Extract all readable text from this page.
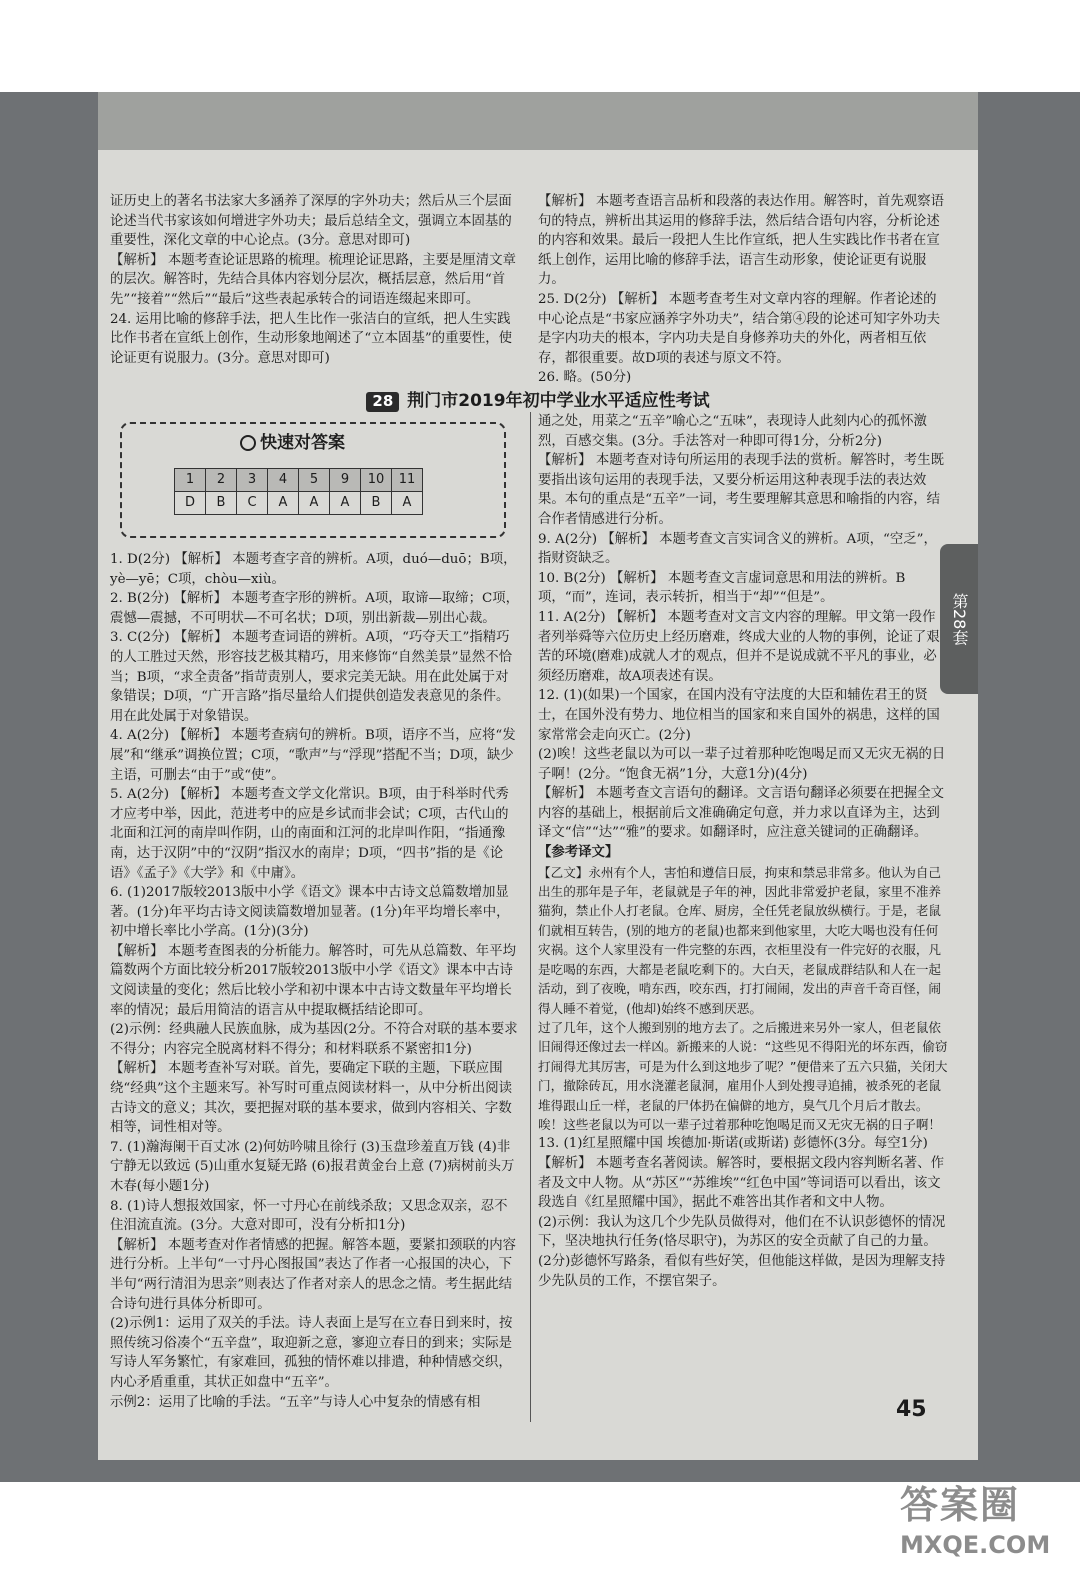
证历史上的著名书法家大多涵养了深厚的字外功夫；然后从三个层面论述当代书家该如何增进字外功夫；最后总结全文，强调立本固基的重要性，深化文章的中心论点。(3分。意思对即可)

【解析】 本题考查论证思路的梳理。梳理论证思路，主要是厘清文章的层次。解答时，先结合具体内容划分层次，概括层意，然后用“首先”“接着”“然后”“最后”这些表起承转合的词语连缀起来即可。

24. 运用比喻的修辞手法，把人生比作一张洁白的宣纸，把人生实践比作书者在宣纸上创作，生动形象地阐述了“立本固基”的重要性，使论证更有说服力。(3分。意思对即可)

【解析】 本题考查语言品析和段落的表达作用。解答时，首先观察语句的特点，辨析出其运用的修辞手法，然后结合语句内容，分析论述的内容和效果。最后一段把人生比作宣纸，把人生实践比作书者在宣纸上创作，运用比喻的修辞手法，语言生动形象，使论证更有说服力。

25. D(2分) 【解析】 本题考查考生对文章内容的理解。作者论述的中心论点是“书家应涵养字外功夫”，结合第④段的论述可知字外功夫是字内功夫的根本，字内功夫是自身修养功夫的外化，两者相互依存，都很重要。故D项的表述与原文不符。

26. 略。(50分)

28 荆门市2019年初中学业水平适应性考试
快速对答案
1	2	3	4	5	9	10	11
D	B	C	A	A	A	B	A

1. D(2分) 【解析】 本题考查字音的辨析。A项，duó—duō；B项，yè—yē；C项，chòu—xiù。

2. B(2分) 【解析】 本题考查字形的辨析。A项，取谛—取缔；C项，震憾—震撼，不可明状—不可名状；D项，别出新裁—别出心裁。

3. C(2分) 【解析】 本题考查词语的辨析。A项，“巧夺天工”指精巧的人工胜过天然，形容技艺极其精巧，用来修饰“自然美景”显然不恰当；B项，“求全责备”指苛责别人，要求完美无缺。用在此处属于对象错误；D项，“广开言路”指尽量给人们提供创造发表意见的条件。用在此处属于对象错误。

4. A(2分) 【解析】 本题考查病句的辨析。B项，语序不当，应将“发展”和“继承”调换位置；C项，“歌声”与“浮现”搭配不当；D项，缺少主语，可删去“由于”或“使”。

5. A(2分) 【解析】 本题考查文学文化常识。B项，由于科举时代秀才应考中举，因此，范进考中的应是乡试而非会试；C项，古代山的北面和江河的南岸叫作阴，山的南面和江河的北岸叫作阳，“指通豫南，达于汉阴”中的“汉阴”指汉水的南岸；D项，“四书”指的是《论语》《孟子》《大学》和《中庸》。

6. (1)2017版较2013版中小学《语文》课本中古诗文总篇数增加显著。(1分)年平均古诗文阅读篇数增加显著。(1分)年平均增长率中，初中增长率比小学高。(1分)(3分)

【解析】 本题考查图表的分析能力。解答时，可先从总篇数、年平均篇数两个方面比较分析2017版较2013版中小学《语文》课本中古诗文阅读量的变化；然后比较小学和初中课本中古诗文数量年平均增长率的情况；最后用简洁的语言从中提取概括结论即可。

(2)示例：经典融人民族血脉，成为基因(2分。不符合对联的基本要求不得分；内容完全脱离材料不得分；和材料联系不紧密扣1分)

【解析】 本题考查补写对联。首先，要确定下联的主题，下联应围绕“经典”这个主题来写。补写时可重点阅读材料一，从中分析出阅读古诗文的意义；其次，要把握对联的基本要求，做到内容相关、字数相等，词性相对等。

7. (1)瀚海阑干百丈冰 (2)何妨吟啸且徐行 (3)玉盘珍羞直万钱 (4)非宁静无以致远 (5)山重水复疑无路 (6)报君黄金台上意 (7)病树前头万木春(每小题1分)

8. (1)诗人想报效国家，怀一寸丹心在前线杀敌；又思念双亲，忍不住泪流直流。(3分。大意对即可，没有分析扣1分)

【解析】 本题考查对作者情感的把握。解答本题，要紧扣颈联的内容进行分析。上半句“一寸丹心图报国”表达了作者一心报国的决心，下半句“两行清泪为思亲”则表达了作者对亲人的思念之情。考生据此结合诗句进行具体分析即可。

(2)示例1：运用了双关的手法。诗人表面上是写在立春日到来时，按照传统习俗凑个“五辛盘”，取迎新之意，寥迎立春日的到来；实际是写诗人军务繁忙，有家难回，孤独的情怀难以排遣，种种情感交织，内心矛盾重重，其状正如盘中“五辛”。

示例2：运用了比喻的手法。“五辛”与诗人心中复杂的情感有相

通之处，用菜之“五辛”喻心之“五味”，表现诗人此刻内心的孤怀激烈，百感交集。(3分。手法答对一种即可得1分，分析2分)

【解析】 本题考查对诗句所运用的表现手法的赏析。解答时，考生既要指出该句运用的表现手法，又要分析运用这种表现手法的表达效果。本句的重点是“五辛”一词，考生要理解其意思和喻指的内容，结合作者情感进行分析。

9. A(2分) 【解析】 本题考查文言实词含义的辨析。A项，“空乏”，指财资缺乏。

10. B(2分) 【解析】 本题考查文言虚词意思和用法的辨析。B项，“而”，连词，表示转折，相当于“却”“但是”。

11. A(2分) 【解析】 本题考查对文言文内容的理解。甲文第一段作者列举舜等六位历史上经历磨难，终成大业的人物的事例，论证了艰苦的环境(磨难)成就人才的观点，但并不是说成就不平凡的事业，必须经历磨难，故A项表述有误。

12. (1)(如果)一个国家，在国内没有守法度的大臣和辅佐君王的贤士，在国外没有势力、地位相当的国家和来自国外的祸患，这样的国家常常会走向灭亡。(2分)

(2)唉！这些老鼠以为可以一辈子过着那种吃饱喝足而又无灾无祸的日子啊！(2分。“饱食无祸”1分，大意1分)(4分)

【解析】 本题考查文言语句的翻译。文言语句翻译必须要在把握全文内容的基础上，根据前后文准确确定句意，并力求以直译为主，达到译文“信”“达”“雅”的要求。如翻译时，应注意关键词的正确翻译。

【参考译文】

【乙文】永州有个人，害怕和遵信日辰，拘束和禁忌非常多。他认为自己出生的那年是子年，老鼠就是子年的神，因此非常爱护老鼠，家里不准养猫狗，禁止仆人打老鼠。仓库、厨房，全任凭老鼠放纵横行。于是，老鼠们就相互转告，(别的地方的老鼠)也都来到他家里，大吃大喝也没有任何灾祸。这个人家里没有一件完整的东西，衣柜里没有一件完好的衣服，凡是吃喝的东西，大都是老鼠吃剩下的。大白天，老鼠成群结队和人在一起活动，到了夜晚，啃东西，咬东西，打打闹闹，发出的声音千奇百怪，闹得人睡不着觉，(他却)始终不感到厌恶。

过了几年，这个人搬到别的地方去了。之后搬进来另外一家人，但老鼠依旧闹得还像过去一样凶。新搬来的人说：“这些见不得阳光的坏东西，偷窃打闹得尤其厉害，可是为什么到这地步了呢？”便借来了五六只猫，关闭大门，撤除砖瓦，用水浇灌老鼠洞，雇用仆人到处搜寻追捕，被杀死的老鼠堆得跟山丘一样，老鼠的尸体扔在偏僻的地方，臭气几个月后才散去。

唉！这些老鼠以为可以一辈子过着那种吃饱喝足而又无灾无祸的日子啊！

13. (1)红星照耀中国 埃德加·斯诺(或斯诺) 彭德怀(3分。每空1分)

【解析】 本题考查名著阅读。解答时，要根据文段内容判断名著、作者及文中人物。从“苏区”“苏维埃”“红色中国”等词语可以看出，该文段选自《红星照耀中国》，据此不难答出其作者和文中人物。

(2)示例：我认为这几个少先队员做得对，他们在不认识彭德怀的情况下，坚决地执行任务(恪尽职守)，为苏区的安全贡献了自己的力量。(2分)彭德怀写路条，看似有些好笑，但他能这样做，是因为理解支持少先队员的工作，不摆官架子。

第28套
45
答案圈
MXQE.COM
